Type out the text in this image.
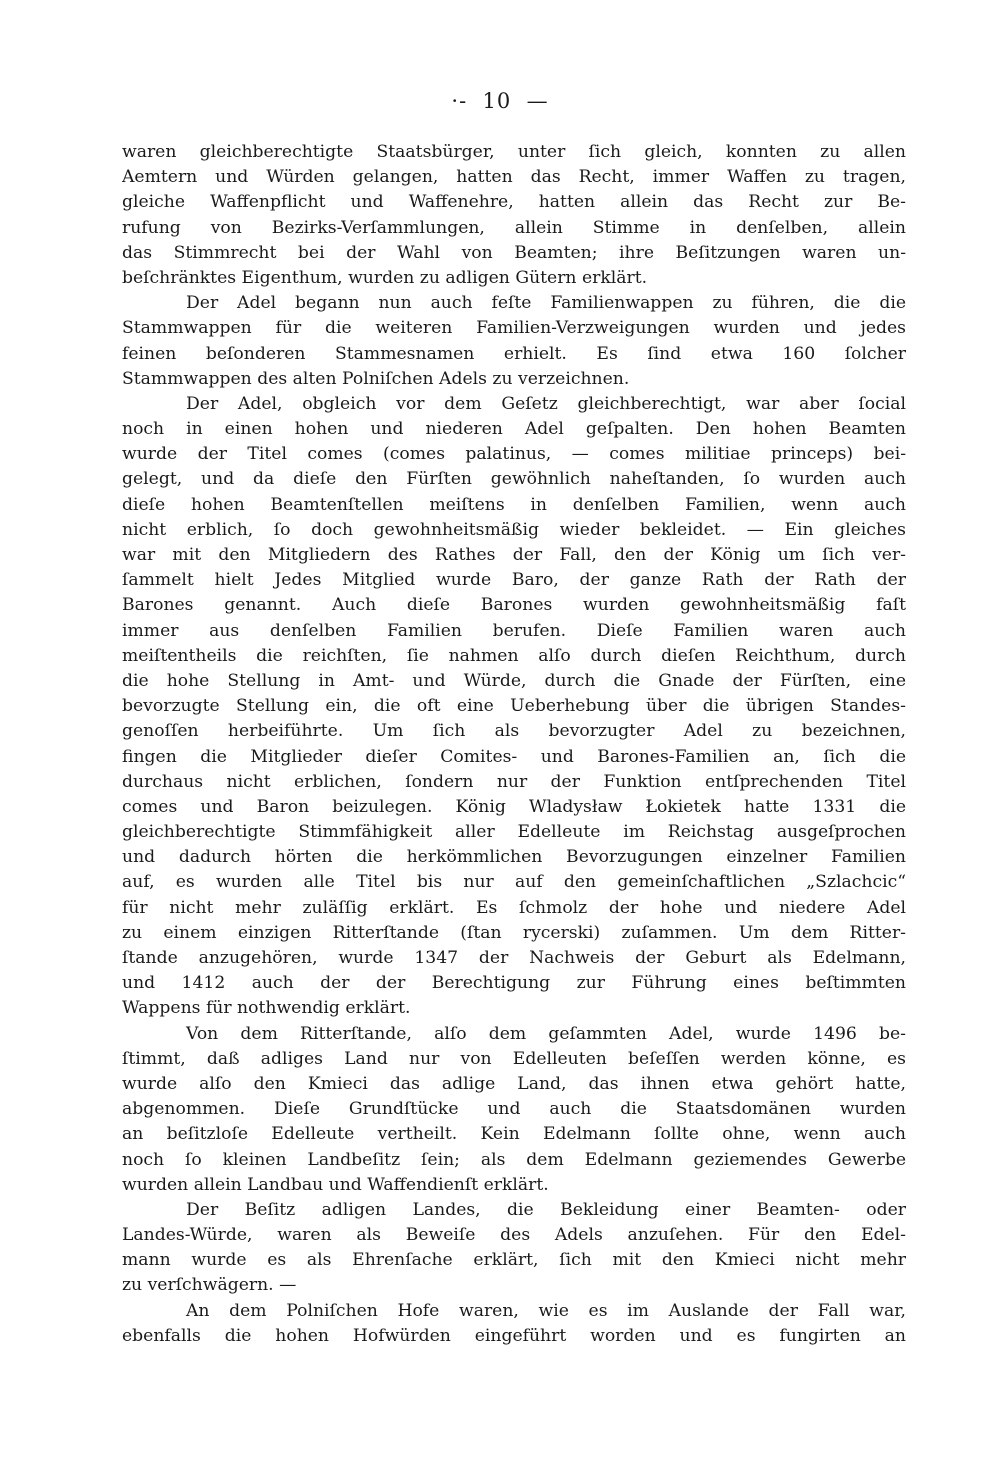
·-  10  —
waren gleichberechtigte Staatsbürger, unter ſich gleich, konnten zu allen
Aemtern und Würden gelangen, hatten das Recht, immer Waffen zu tragen,
gleiche Waffenpflicht und Waffenehre, hatten allein das Recht zur Be-
rufung von Bezirks-Verſammlungen, allein Stimme in denſelben, allein
das Stimmrecht bei der Wahl von Beamten; ihre Beſitzungen waren un-
beſchränktes Eigenthum, wurden zu adligen Gütern erklärt.
Der Adel begann nun auch feſte Familienwappen zu führen, die die
Stammwappen für die weiteren Familien-Verzweigungen wurden und jedes
feinen beſonderen Stammesnamen erhielt. Es ſind etwa 160 ſolcher
Stammwappen des alten Polniſchen Adels zu verzeichnen.
Der Adel, obgleich vor dem Geſetz gleichberechtigt, war aber ſocial
noch in einen hohen und niederen Adel geſpalten. Den hohen Beamten
wurde der Titel comes (comes palatinus, — comes militiae princeps) bei-
gelegt, und da dieſe den Fürſten gewöhnlich naheſtanden, ſo wurden auch
dieſe hohen Beamtenſtellen meiſtens in denſelben Familien, wenn auch
nicht erblich, ſo doch gewohnheitsmäßig wieder bekleidet. — Ein gleiches
war mit den Mitgliedern des Rathes der Fall, den der König um ſich ver-
ſammelt hielt Jedes Mitglied wurde Baro, der ganze Rath der Rath der
Barones genannt. Auch dieſe Barones wurden gewohnheitsmäßig faſt
immer aus denſelben Familien berufen. Dieſe Familien waren auch
meiſtentheils die reichſten, ſie nahmen alſo durch dieſen Reichthum, durch
die hohe Stellung in Amt- und Würde, durch die Gnade der Fürſten, eine
bevorzugte Stellung ein, die oft eine Ueberhebung über die übrigen Standes-
genoſſen herbeiführte. Um ſich als bevorzugter Adel zu bezeichnen,
fingen die Mitglieder dieſer Comites- und Barones-Familien an, ſich die
durchaus nicht erblichen, ſondern nur der Funktion entſprechenden Titel
comes und Baron beizulegen. König Wladysław Łokietek hatte 1331 die
gleichberechtigte Stimmfähigkeit aller Edelleute im Reichstag ausgeſprochen
und dadurch hörten die herkömmlichen Bevorzugungen einzelner Familien
auf, es wurden alle Titel bis nur auf den gemeinſchaftlichen „Szlachcic“
für nicht mehr zuläſſig erklärt. Es ſchmolz der hohe und niedere Adel
zu einem einzigen Ritterſtande (ſtan rycerski) zuſammen. Um dem Ritter-
ſtande anzugehören, wurde 1347 der Nachweis der Geburt als Edelmann,
und 1412 auch der der Berechtigung zur Führung eines beſtimmten
Wappens für nothwendig erklärt.
Von dem Ritterſtande, alſo dem geſammten Adel, wurde 1496 be-
ſtimmt, daß adliges Land nur von Edelleuten beſeſſen werden könne, es
wurde alſo den Kmieci das adlige Land, das ihnen etwa gehört hatte,
abgenommen. Dieſe Grundſtücke und auch die Staatsdomänen wurden
an beſitzloſe Edelleute vertheilt. Kein Edelmann ſollte ohne, wenn auch
noch ſo kleinen Landbeſitz ſein; als dem Edelmann geziemendes Gewerbe
wurden allein Landbau und Waffendienſt erklärt.
Der Beſitz adligen Landes, die Bekleidung einer Beamten- oder
Landes-Würde, waren als Beweiſe des Adels anzuſehen. Für den Edel-
mann wurde es als Ehrenſache erklärt, ſich mit den Kmieci nicht mehr
zu verſchwägern. —
An dem Polniſchen Hofe waren, wie es im Auslande der Fall war,
ebenfalls die hohen Hofwürden eingeführt worden und es fungirten an
